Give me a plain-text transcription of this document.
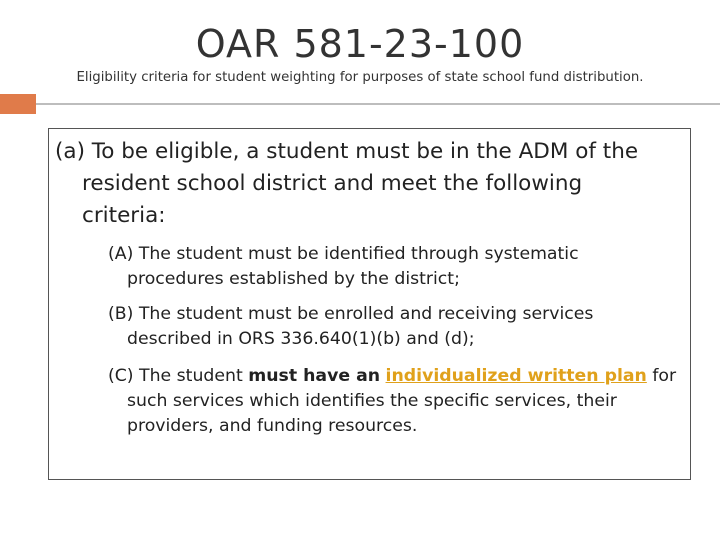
OAR 581-23-100
Eligibility criteria for student weighting for purposes of state school fund distribution.
(a) To be eligible, a student must be in the ADM of the
resident school district and meet the following
criteria:
(A) The student must be identified through systematic
procedures established by the district;
(B) The student must be enrolled and receiving services
described in ORS 336.640(1)(b) and (d);
(C) The student must have an individualized written plan for
such services which identifies the specific services, their
providers, and funding resources.
